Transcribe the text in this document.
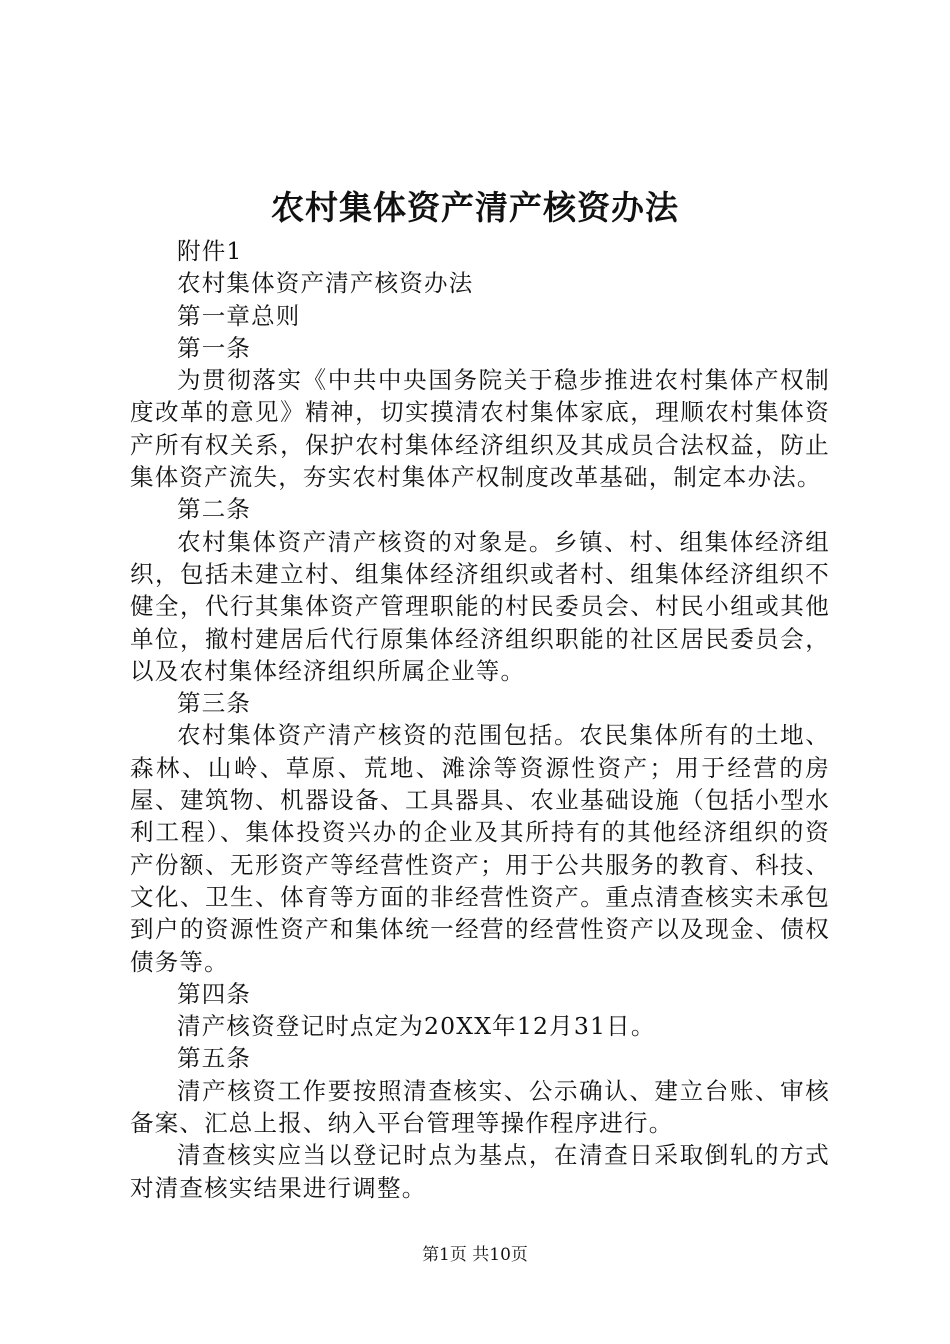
农村集体资产清产核资办法

附件1

农村集体资产清产核资办法

第一章总则

第一条

为贯彻落实《中共中央国务院关于稳步推进农村集体产权制度改革的意见》精神，切实摸清农村集体家底，理顺农村集体资产所有权关系，保护农村集体经济组织及其成员合法权益，防止集体资产流失，夯实农村集体产权制度改革基础，制定本办法。

第二条

农村集体资产清产核资的对象是。乡镇、村、组集体经济组织，包括未建立村、组集体经济组织或者村、组集体经济组织不健全，代行其集体资产管理职能的村民委员会、村民小组或其他单位，撤村建居后代行原集体经济组织职能的社区居民委员会，以及农村集体经济组织所属企业等。

第三条

农村集体资产清产核资的范围包括。农民集体所有的土地、森林、山岭、草原、荒地、滩涂等资源性资产；用于经营的房屋、建筑物、机器设备、工具器具、农业基础设施（包括小型水利工程）、集体投资兴办的企业及其所持有的其他经济组织的资产份额、无形资产等经营性资产；用于公共服务的教育、科技、文化、卫生、体育等方面的非经营性资产。重点清查核实未承包到户的资源性资产和集体统一经营的经营性资产以及现金、债权债务等。

第四条

清产核资登记时点定为20XX年12月31日。

第五条

清产核资工作要按照清查核实、公示确认、建立台账、审核备案、汇总上报、纳入平台管理等操作程序进行。

清查核实应当以登记时点为基点，在清查日采取倒轧的方式对清查核实结果进行调整。

第1页 共10页
